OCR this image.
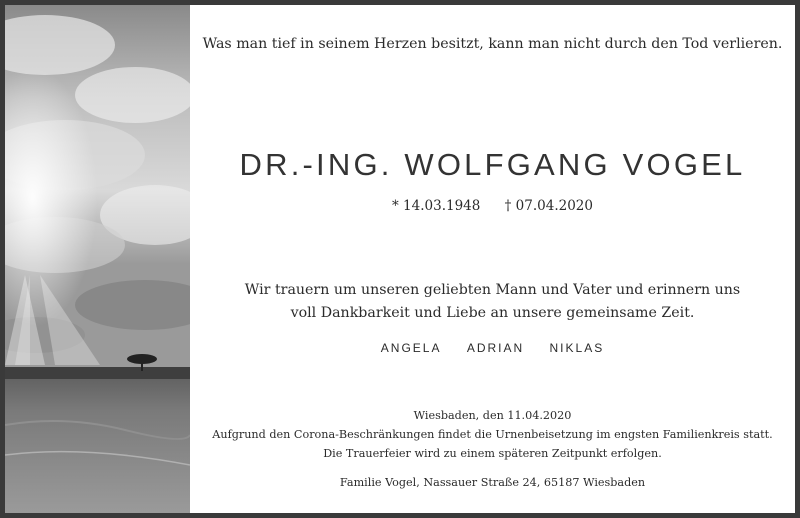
Was man tief in seinem Herzen besitzt, kann man nicht durch den Tod verlieren.
DR.-ING. WOLFGANG VOGEL
* 14.03.1948 † 07.04.2020
Wir trauern um unseren geliebten Mann und Vater und erinnern uns
voll Dankbarkeit und Liebe an unsere gemeinsame Zeit.
ANGELA ADRIAN NIKLAS
Wiesbaden, den 11.04.2020
Aufgrund den Corona-Beschränkungen findet die Urnenbeisetzung im engsten Familienkreis statt.
Die Trauerfeier wird zu einem späteren Zeitpunkt erfolgen.
Familie Vogel, Nassauer Straße 24, 65187 Wiesbaden
